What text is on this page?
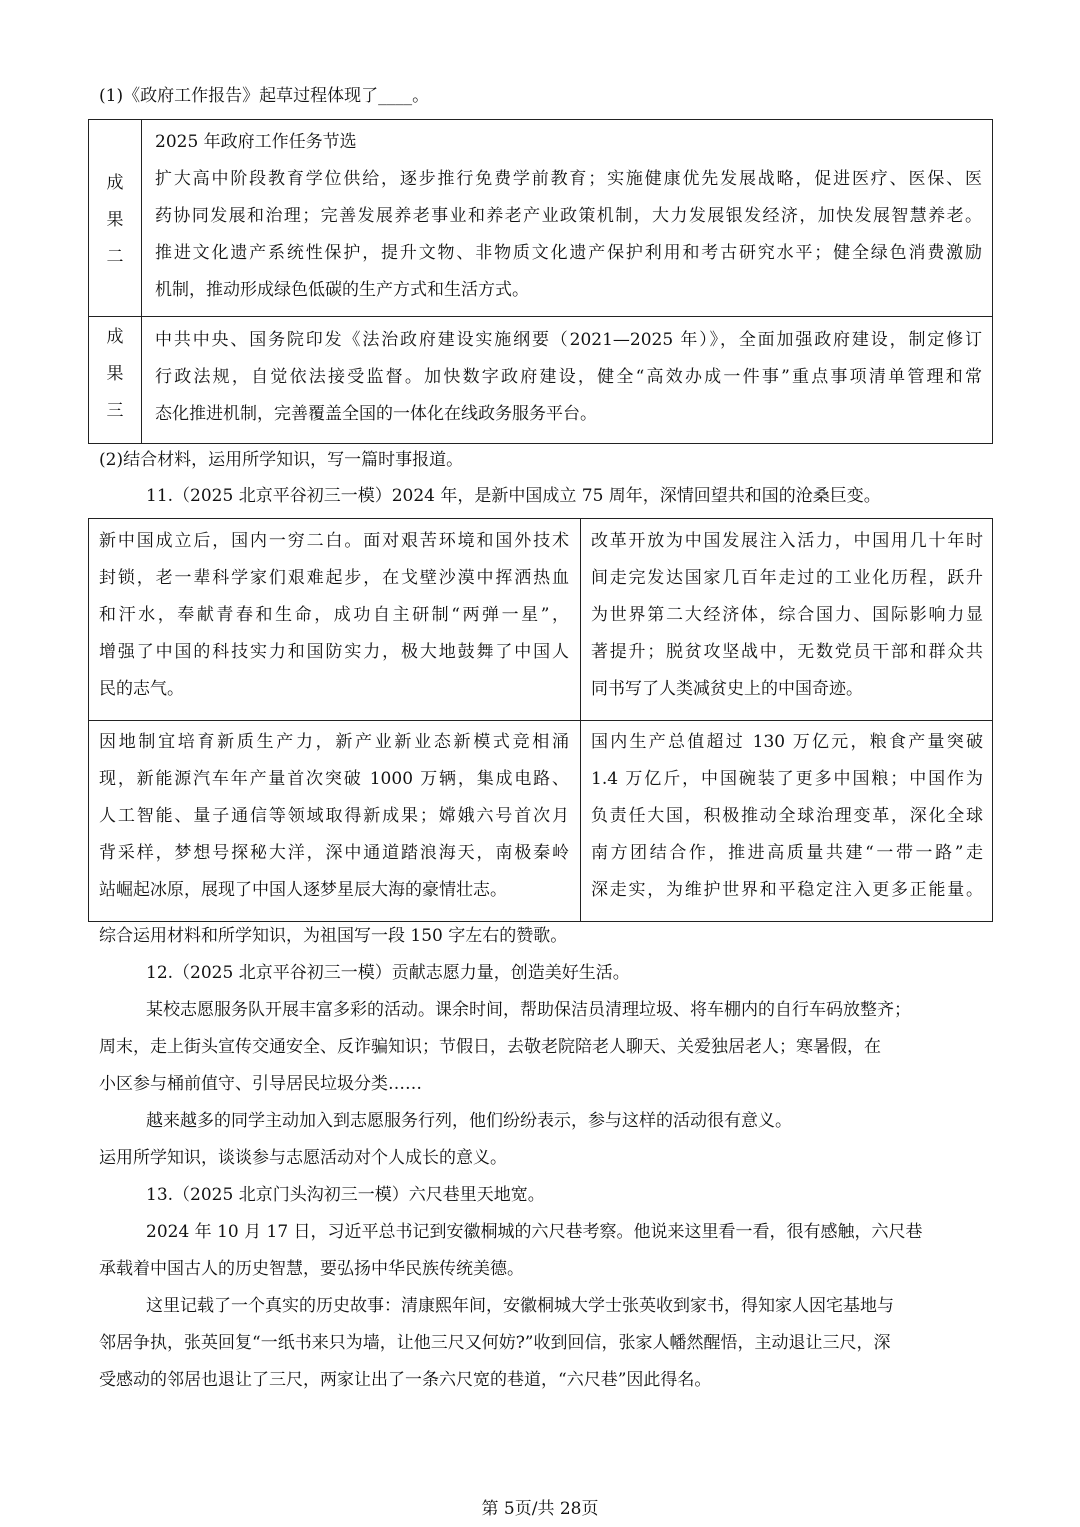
(1)《政府工作报告》起草过程体现了____。
成
果
二
2025 年政府工作任务节选
扩大高中阶段教育学位供给，逐步推行免费学前教育；实施健康优先发展战略，促进医疗、医保、医
药协同发展和治理；完善发展养老事业和养老产业政策机制，大力发展银发经济，加快发展智慧养老。
推进文化遗产系统性保护，提升文物、非物质文化遗产保护利用和考古研究水平；健全绿色消费激励
机制，推动形成绿色低碳的生产方式和生活方式。
成
果
三
中共中央、国务院印发《法治政府建设实施纲要（2021—2025 年）》，全面加强政府建设，制定修订
行政法规，自觉依法接受监督。加快数字政府建设，健全“高效办成一件事”重点事项清单管理和常
态化推进机制，完善覆盖全国的一体化在线政务服务平台。
(2)结合材料，运用所学知识，写一篇时事报道。
11.（2025 北京平谷初三一模）2024 年，是新中国成立 75 周年，深情回望共和国的沧桑巨变。
新中国成立后，国内一穷二白。面对艰苦环境和国外技术
封锁，老一辈科学家们艰难起步，在戈壁沙漠中挥洒热血
和汗水，奉献青春和生命，成功自主研制“两弹一星”，
增强了中国的科技实力和国防实力，极大地鼓舞了中国人
民的志气。
改革开放为中国发展注入活力，中国用几十年时
间走完发达国家几百年走过的工业化历程，跃升
为世界第二大经济体，综合国力、国际影响力显
著提升；脱贫攻坚战中，无数党员干部和群众共
同书写了人类减贫史上的中国奇迹。
因地制宜培育新质生产力，新产业新业态新模式竞相涌
现，新能源汽车年产量首次突破 1000 万辆，集成电路、
人工智能、量子通信等领域取得新成果；嫦娥六号首次月
背采样，梦想号探秘大洋，深中通道踏浪海天，南极秦岭
站崛起冰原，展现了中国人逐梦星辰大海的豪情壮志。
国内生产总值超过 130 万亿元，粮食产量突破
1.4 万亿斤，中国碗装了更多中国粮；中国作为
负责任大国，积极推动全球治理变革，深化全球
南方团结合作，推进高质量共建“一带一路”走
深走实，为维护世界和平稳定注入更多正能量。
综合运用材料和所学知识，为祖国写一段 150 字左右的赞歌。
12.（2025 北京平谷初三一模）贡献志愿力量，创造美好生活。
某校志愿服务队开展丰富多彩的活动。课余时间，帮助保洁员清理垃圾、将车棚内的自行车码放整齐；
周末，走上街头宣传交通安全、反诈骗知识；节假日，去敬老院陪老人聊天、关爱独居老人；寒暑假，在
小区参与桶前值守、引导居民垃圾分类……
越来越多的同学主动加入到志愿服务行列，他们纷纷表示，参与这样的活动很有意义。
运用所学知识，谈谈参与志愿活动对个人成长的意义。
13.（2025 北京门头沟初三一模）六尺巷里天地宽。
2024 年 10 月 17 日，习近平总书记到安徽桐城的六尺巷考察。他说来这里看一看，很有感触，六尺巷
承载着中国古人的历史智慧，要弘扬中华民族传统美德。
这里记载了一个真实的历史故事：清康熙年间，安徽桐城大学士张英收到家书，得知家人因宅基地与
邻居争执，张英回复“一纸书来只为墙，让他三尺又何妨?”收到回信，张家人幡然醒悟，主动退让三尺，深
受感动的邻居也退让了三尺，两家让出了一条六尺宽的巷道，“六尺巷”因此得名。
第 5页/共 28页
